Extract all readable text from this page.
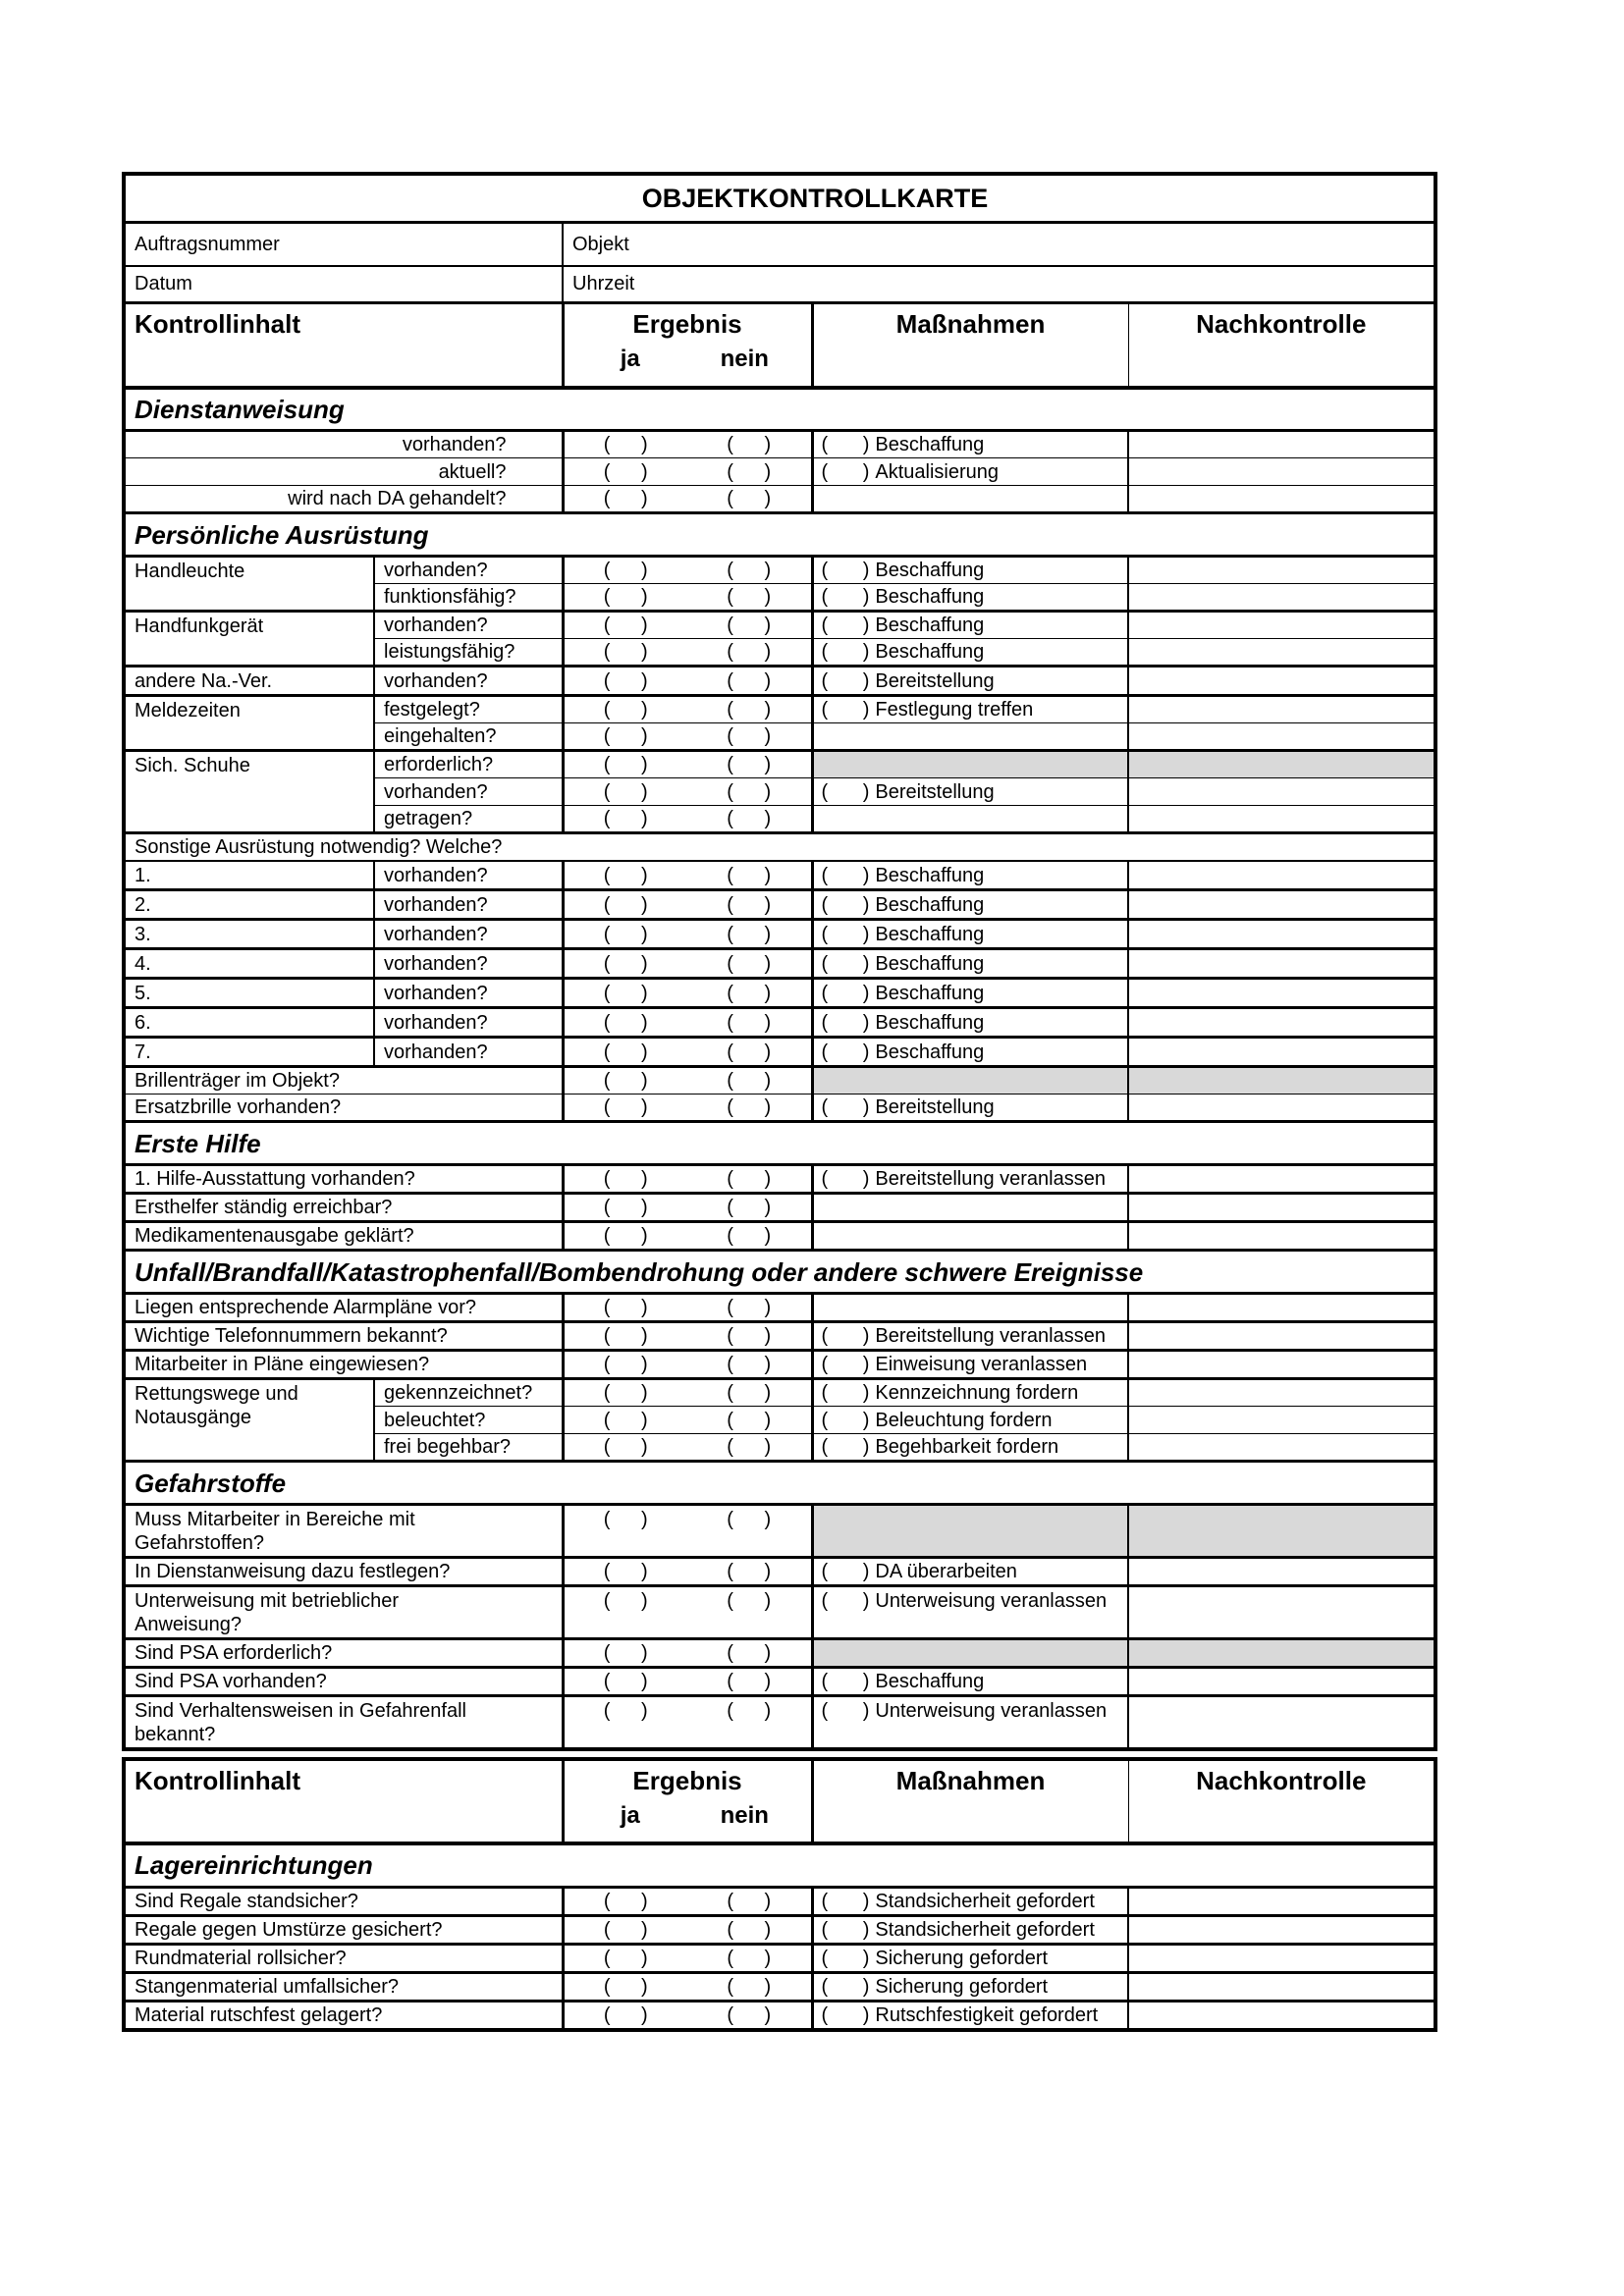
OBJEKTKONTROLLKARTE					
Auftragsnummer		Objekt			
Datum		Uhrzeit			
Kontrollinhalt		Ergebnis
ja nein		Maßnahmen	Nachkontrolle
Dienstanweisung					
vorhanden?		( )	( )	( ) Beschaffung	
aktuell?		( )	( )	( ) Aktualisierung	
wird nach DA gehandelt?		( )	( )		
Persönliche Ausrüstung					
Handleuchte	vorhanden?	( )	( )	( ) Beschaffung	
	funktionsfähig?	( )	( )	( ) Beschaffung	
Handfunkgerät	vorhanden?	( )	( )	( ) Beschaffung	
	leistungsfähig?	( )	( )	( ) Beschaffung	
andere Na.-Ver.	vorhanden?	( )	( )	( ) Bereitstellung	
Meldezeiten	festgelegt?	( )	( )	( ) Festlegung treffen	
	eingehalten?	( )	( )		
Sich. Schuhe	erforderlich?	( )	( )		
	vorhanden?	( )	( )	( ) Bereitstellung	
	getragen?	( )	( )		
Sonstige Ausrüstung notwendig? Welche?					
1.	vorhanden?	( )	( )	( ) Beschaffung	
2.	vorhanden?	( )	( )	( ) Beschaffung	
3.	vorhanden?	( )	( )	( ) Beschaffung	
4.	vorhanden?	( )	( )	( ) Beschaffung	
5.	vorhanden?	( )	( )	( ) Beschaffung	
6.	vorhanden?	( )	( )	( ) Beschaffung	
7.	vorhanden?	( )	( )	( ) Beschaffung	
Brillenträger im Objekt?		( )	( )		
Ersatzbrille vorhanden?		( )	( )	( ) Bereitstellung	
Erste Hilfe					
1. Hilfe-Ausstattung vorhanden?		( )	( )	( ) Bereitstellung veranlassen	
Ersthelfer ständig erreichbar?		( )	( )		
Medikamentenausgabe geklärt?		( )	( )		
Unfall/Brandfall/Katastrophenfall/Bombendrohung oder andere schwere Ereignisse					
Liegen entsprechende Alarmpläne vor?		( )	( )		
Wichtige Telefonnummern bekannt?		( )	( )	( ) Bereitstellung veranlassen	
Mitarbeiter in Pläne eingewiesen?		( )	( )	( ) Einweisung veranlassen	

Rettungswege und
Notausgänge	gekennzeichnet?	( )	( )	( ) Kennzeichnung fordern	
	beleuchtet?	( )	( )	( ) Beleuchtung fordern	
	frei begehbar?	( )	( )	( ) Begehbarkeit fordern	
Gefahrstoffe					

Muss Mitarbeiter in Bereiche mit
Gefahrstoffen?		( )	( )		
In Dienstanweisung dazu festlegen?		( )	( )	( ) DA überarbeiten	

Unterweisung mit betrieblicher
Anweisung?		( )	( )	( ) Unterweisung veranlassen	
Sind PSA erforderlich?		( )	( )		
Sind PSA vorhanden?		( )	( )	( ) Beschaffung	

Sind Verhaltensweisen in Gefahrenfall
bekannt?		( )	( )	( ) Unterweisung veranlassen	
Kontrollinhalt	Ergebnis
ja nein		Maßnahmen	Nachkontrolle
Lagereinrichtungen				
Sind Regale standsicher?	( )	( )	( ) Standsicherheit gefordert	
Regale gegen Umstürze gesichert?	( )	( )	( ) Standsicherheit gefordert	
Rundmaterial rollsicher?	( )	( )	( ) Sicherung gefordert	
Stangenmaterial umfallsicher?	( )	( )	( ) Sicherung gefordert	
Material rutschfest gelagert?	( )	( )	( ) Rutschfestigkeit gefordert	
